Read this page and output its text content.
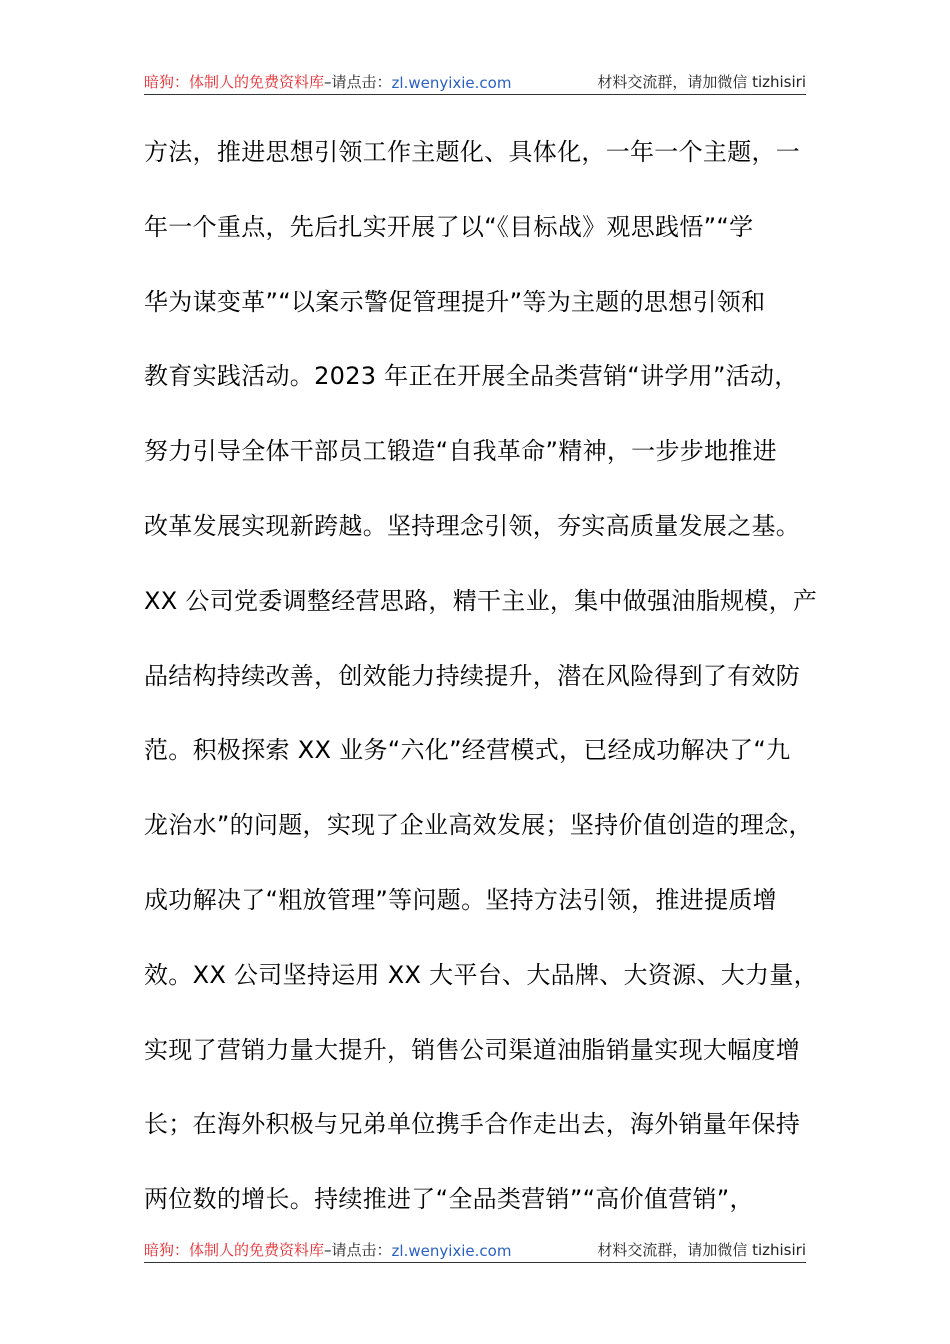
暗狗：体制人的免费资料库 –请点击： zl.wenyixie.com	材料交流群，请加微信 tizhisiri
方法，推进思想引领工作主题化、具体化，一年一个主题，一
年一个重点，先后扎实开展了以“《目标战》观思践悟”“学
华为谋变革”“以案示警促管理提升”等为主题的思想引领和
教育实践活动。2023 年正在开展全品类营销“讲学用”活动，
努力引导全体干部员工锻造“自我革命”精神，一步步地推进
改革发展实现新跨越。坚持理念引领，夯实高质量发展之基。
XX 公司党委调整经营思路，精干主业，集中做强油脂规模，产
品结构持续改善，创效能力持续提升，潜在风险得到了有效防
范。积极探索 XX 业务“六化”经营模式，已经成功解决了“九
龙治水”的问题，实现了企业高效发展；坚持价值创造的理念，
成功解决了“粗放管理”等问题。坚持方法引领，推进提质增
效。XX 公司坚持运用 XX 大平台、大品牌、大资源、大力量，
实现了营销力量大提升，销售公司渠道油脂销量实现大幅度增
长；在海外积极与兄弟单位携手合作走出去，海外销量年保持
两位数的增长。持续推进了“全品类营销”“高价值营销”，
暗狗：体制人的免费资料库 –请点击： zl.wenyixie.com	材料交流群，请加微信 tizhisiri
